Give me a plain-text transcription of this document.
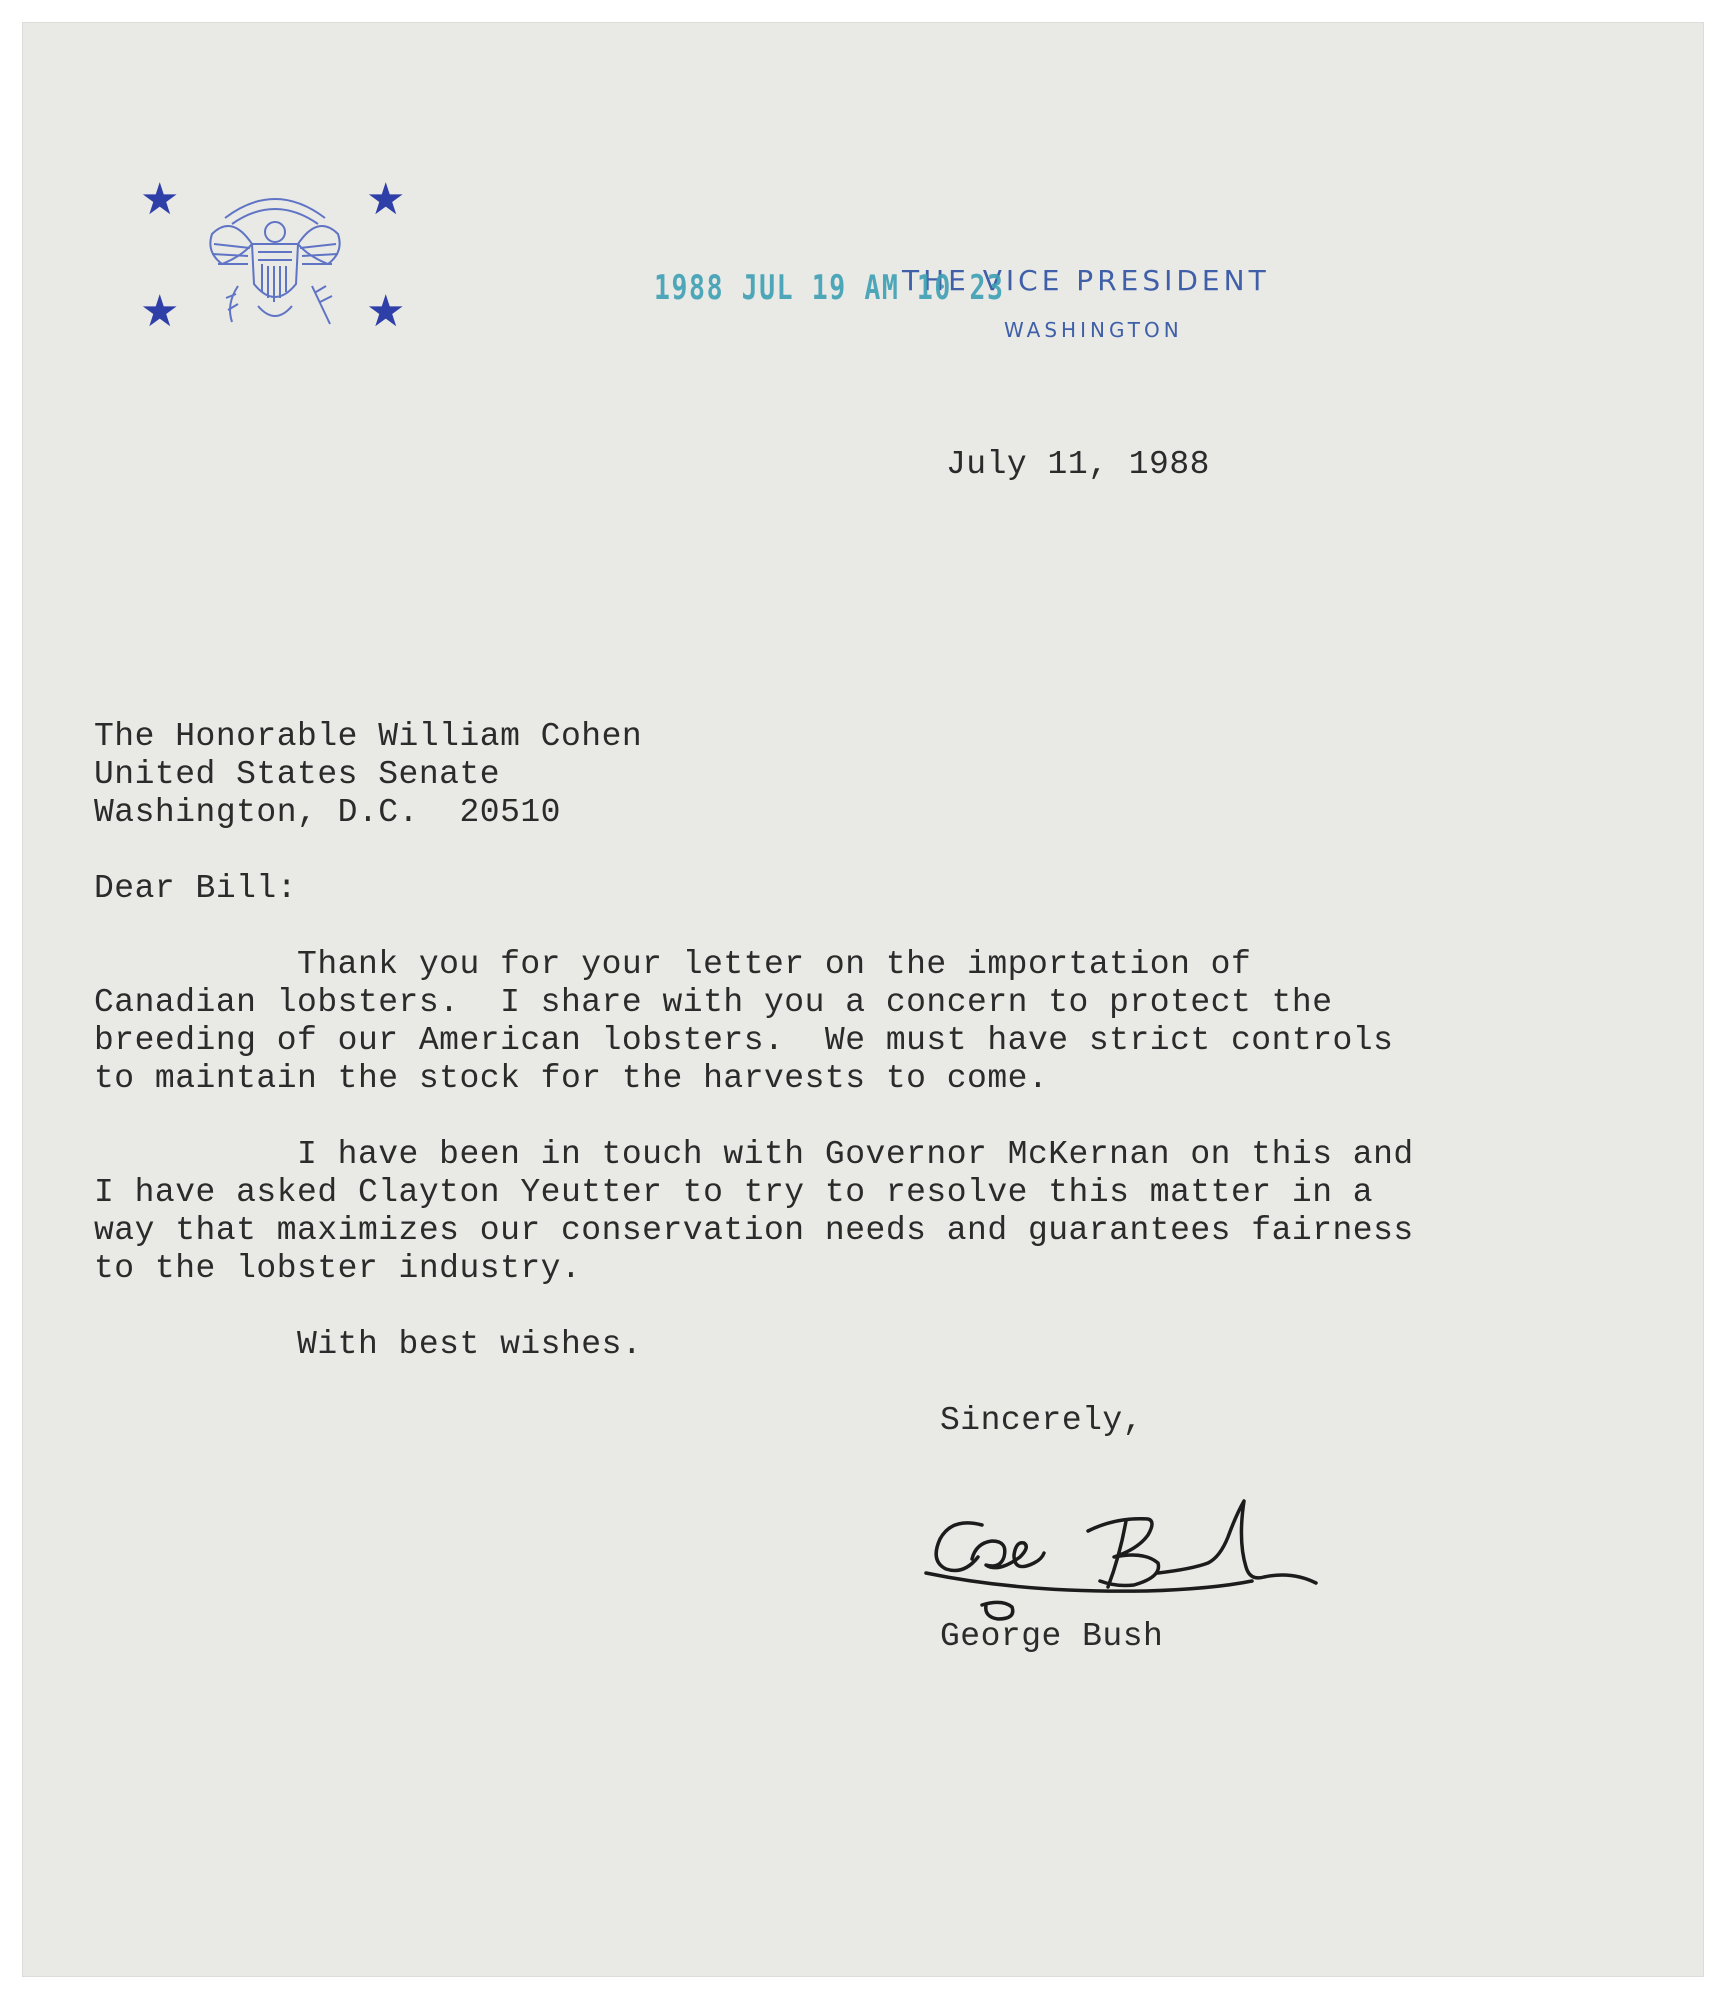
★	★
★	★
THE VICE PRESIDENT
WASHINGTON
1988 JUL 19 AM 10 23
July 11, 1988
The Honorable William Cohen
United States Senate
Washington, D.C.  20510
Dear Bill:
Thank you for your letter on the importation of
Canadian lobsters.  I share with you a concern to protect the
breeding of our American lobsters.  We must have strict controls
to maintain the stock for the harvests to come.
I have been in touch with Governor McKernan on this and
I have asked Clayton Yeutter to try to resolve this matter in a
way that maximizes our conservation needs and guarantees fairness
to the lobster industry.
With best wishes.
Sincerely,
George Bush
